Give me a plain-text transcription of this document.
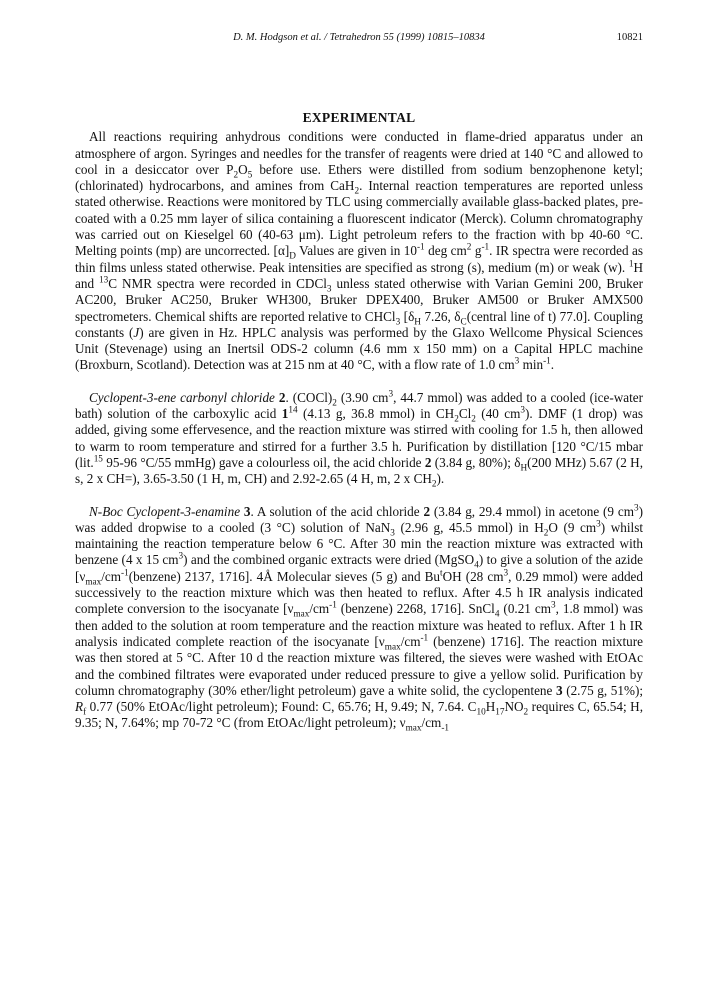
D. M. Hodgson et al. / Tetrahedron 55 (1999) 10815–10834	10821
EXPERIMENTAL

All reactions requiring anhydrous conditions were conducted in flame-dried apparatus under an atmosphere of argon. Syringes and needles for the transfer of reagents were dried at 140 °C and allowed to cool in a desiccator over $P_2O_5$ before use. Ethers were distilled from sodium benzophenone ketyl; (chlorinated) hydrocarbons, and amines from CaH$_2$. Internal reaction temperatures are reported unless stated otherwise. Reactions were monitored by TLC using commercially available glass-backed plates, pre-coated with a 0.25 mm layer of silica containing a fluorescent indicator (Merck). Column chromatography was carried out on Kieselgel 60 (40-63 μm). Light petroleum refers to the fraction with bp 40-60 °C. Melting points (mp) are uncorrected. $[\alpha]_D$ Values are given in $10^{-1}$ deg $cm^2$ $g^{-1}$. IR spectra were recorded as thin films unless stated otherwise. Peak intensities are specified as strong (s), medium (m) or weak (w). $^1$H and $^{13}$C NMR spectra were recorded in CDCl$_3$ unless stated otherwise with Varian Gemini 200, Bruker AC200, Bruker AC250, Bruker WH300, Bruker DPEX400, Bruker AM500 or Bruker AMX500 spectrometers. Chemical shifts are reported relative to CHCl$_3$ [$\delta_H$ 7.26, $\delta_C(central$ line of t) 77.0]. Coupling constants (J) are given in Hz. HPLC analysis was performed by the Glaxo Wellcome Physical Sciences Unit (Stevenage) using an Inertsil ODS-2 column (4.6 mm x 150 mm) on a Capital HPLC machine (Broxburn, Scotland). Detection was at 215 nm at 40 °C, with a flow rate of 1.0 $cm^3$ $\min^{-1}$.

Cyclopent-3-ene carbonyl chloride 2. $(COCl)_2$ (3.90 $cm^3$, 44.7 mmol) was added to a cooled (ice-water bath) solution of the carboxylic acid $1^{14}$ (4.13 g, 36.8 mmol) in $CH_2Cl_2$ (40 $cm^3$). DMF (1 drop) was added, giving some effervesence, and the reaction mixture was stirred with cooling for 1.5 h, then allowed to warm to room temperature and stirred for a further 3.5 h. Purification by distillation [120 °C/15 mbar (lit.$^{15}$ 95-96 °C/55 mmHg) gave a colourless oil, the acid chloride 2 (3.84 g, 80%); $\delta_H(200$ MHz) 5.67 (2 H, s, 2 x CH=), 3.65-3.50 (1 H, m, CH) and 2.92-2.65 (4 H, m, 2 x $CH_2$).

N-Boc Cyclopent-3-enamine 3. A solution of the acid chloride 2 (3.84 g, 29.4 mmol) in acetone (9 $cm^3$) was added dropwise to a cooled (3 °C) solution of NaN$_3$ (2.96 g, 45.5 mmol) in $H_2O$ (9 $cm^3$) whilst maintaining the reaction temperature below 6 °C. After 30 min the reaction mixture was extracted with benzene (4 x 15 $cm^3$) and the combined organic extracts were dried (MgSO$_4$) to give a solution of the azide [$\nu_{max}/cm^{-1}(benzene)$ 2137, 1716]. 4Å Molecular sieves (5 g) and Bu$^t$OH (28 $cm^3$, 0.29 mmol) were added successively to the reaction mixture which was then heated to reflux. After 4.5 h IR analysis indicated complete conversion to the isocyanate [$\nu_{max}/cm^{-1}$ (benzene) 2268, 1716]. SnCl$_4$ (0.21 $cm^3$, 1.8 mmol) was then added to the solution at room temperature and the reaction mixture was heated to reflux. After 1 h IR analysis indicated complete reaction of the isocyanate [$\nu_{max}/cm^{-1}$ (benzene) 1716]. The reaction mixture was then stored at 5 °C. After 10 d the reaction mixture was filtered, the sieves were washed with EtOAc and the combined filtrates were evaporated under reduced pressure to give a yellow solid. Purification by column chromatography (30% ether/light petroleum) gave a white solid, the cyclopentene 3 (2.75 g, 51%); $R_f$ 0.77 (50% EtOAc/light petroleum); Found: C, 65.76; H, 9.49; N, 7.64. $C_{10}H_{17}NO_2$ requires C, 65.54; H, 9.35; N, 7.64%; mp 70-72 °C (from EtOAc/light petroleum); $\nu_{max}/cm_{-1}$
